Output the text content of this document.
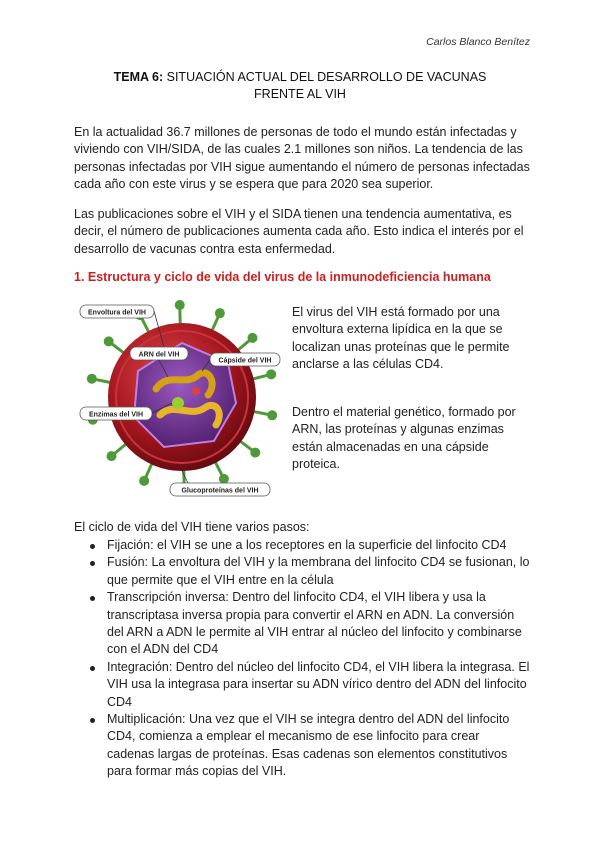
Carlos Blanco Benítez
TEMA 6: SITUACIÓN ACTUAL DEL DESARROLLO DE VACUNAS
FRENTE AL VIH
En la actualidad 36.7 millones de personas de todo el mundo están infectadas y viviendo con VIH/SIDA, de las cuales 2.1 millones son niños. La tendencia de las personas infectadas por VIH sigue aumentando el número de personas infectadas cada año con este virus y se espera que para 2020 sea superior.
Las publicaciones sobre el VIH y el SIDA tienen una tendencia aumentativa, es decir, el número de publicaciones aumenta cada año. Esto indica el interés por el desarrollo de vacunas contra esta enfermedad.
1. Estructura y ciclo de vida del virus de la inmunodeficiencia humana
Envoltura del VIH
ARN del VIH
Cápside del VIH
Enzimas del VIH
Glucoproteínas del VIH
El virus del VIH está formado por una envoltura externa lipídica en la que se localizan unas proteínas que le permite anclarse a las células CD4.
Dentro el material genético, formado por ARN, las proteínas y algunas enzimas están almacenadas en una cápside proteica.
El ciclo de vida del VIH tiene varios pasos:
Fijación: el VIH se une a los receptores en la superficie del linfocito CD4
Fusión: La envoltura del VIH y la membrana del linfocito CD4 se fusionan, lo que permite que el VIH entre en la célula
Transcripción inversa: Dentro del linfocito CD4, el VIH libera y usa la transcriptasa inversa propia para convertir el ARN en ADN. La conversión del ARN a ADN le permite al VIH entrar al núcleo del linfocito y combinarse con el ADN del CD4
Integración: Dentro del núcleo del linfocito CD4, el VIH libera la integrasa. El VIH usa la integrasa para insertar su ADN vírico dentro del ADN del linfocito CD4
Multiplicación: Una vez que el VIH se integra dentro del ADN del linfocito CD4, comienza a emplear el mecanismo de ese linfocito para crear cadenas largas de proteínas. Esas cadenas son elementos constitutivos para formar más copias del VIH.
